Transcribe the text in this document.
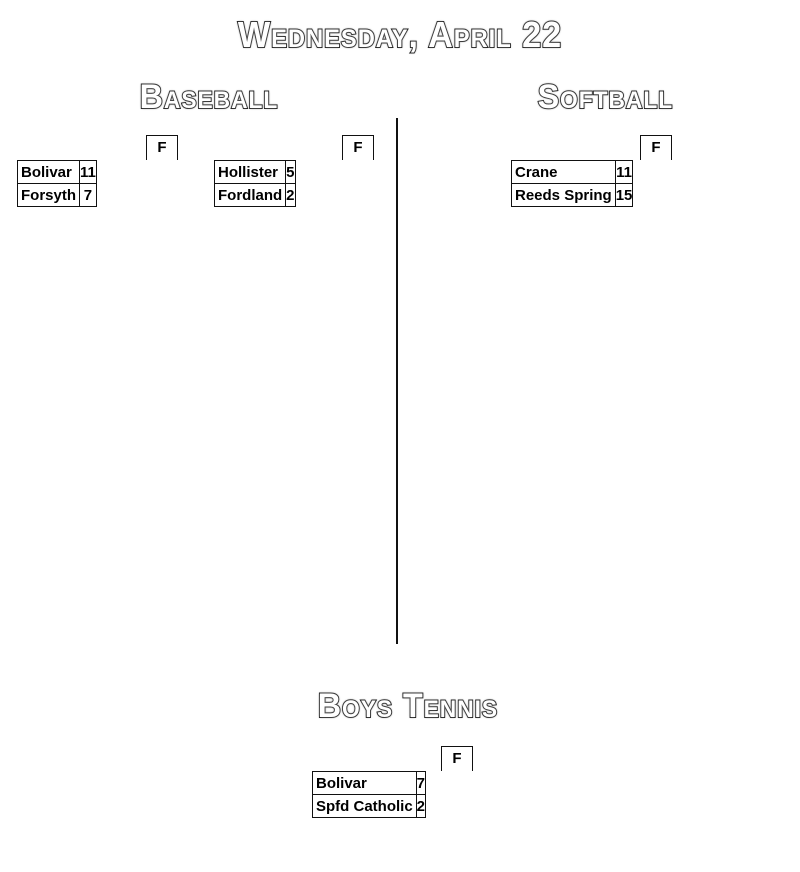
Wednesday, April 22
Baseball	Softball
Boys Tennis
F
Bolivar	11
Forsyth	7
F
Hollister	5
Fordland	2
F
Crane	11
Reeds Spring	15
F
Bolivar	7
Spfd Catholic	2
